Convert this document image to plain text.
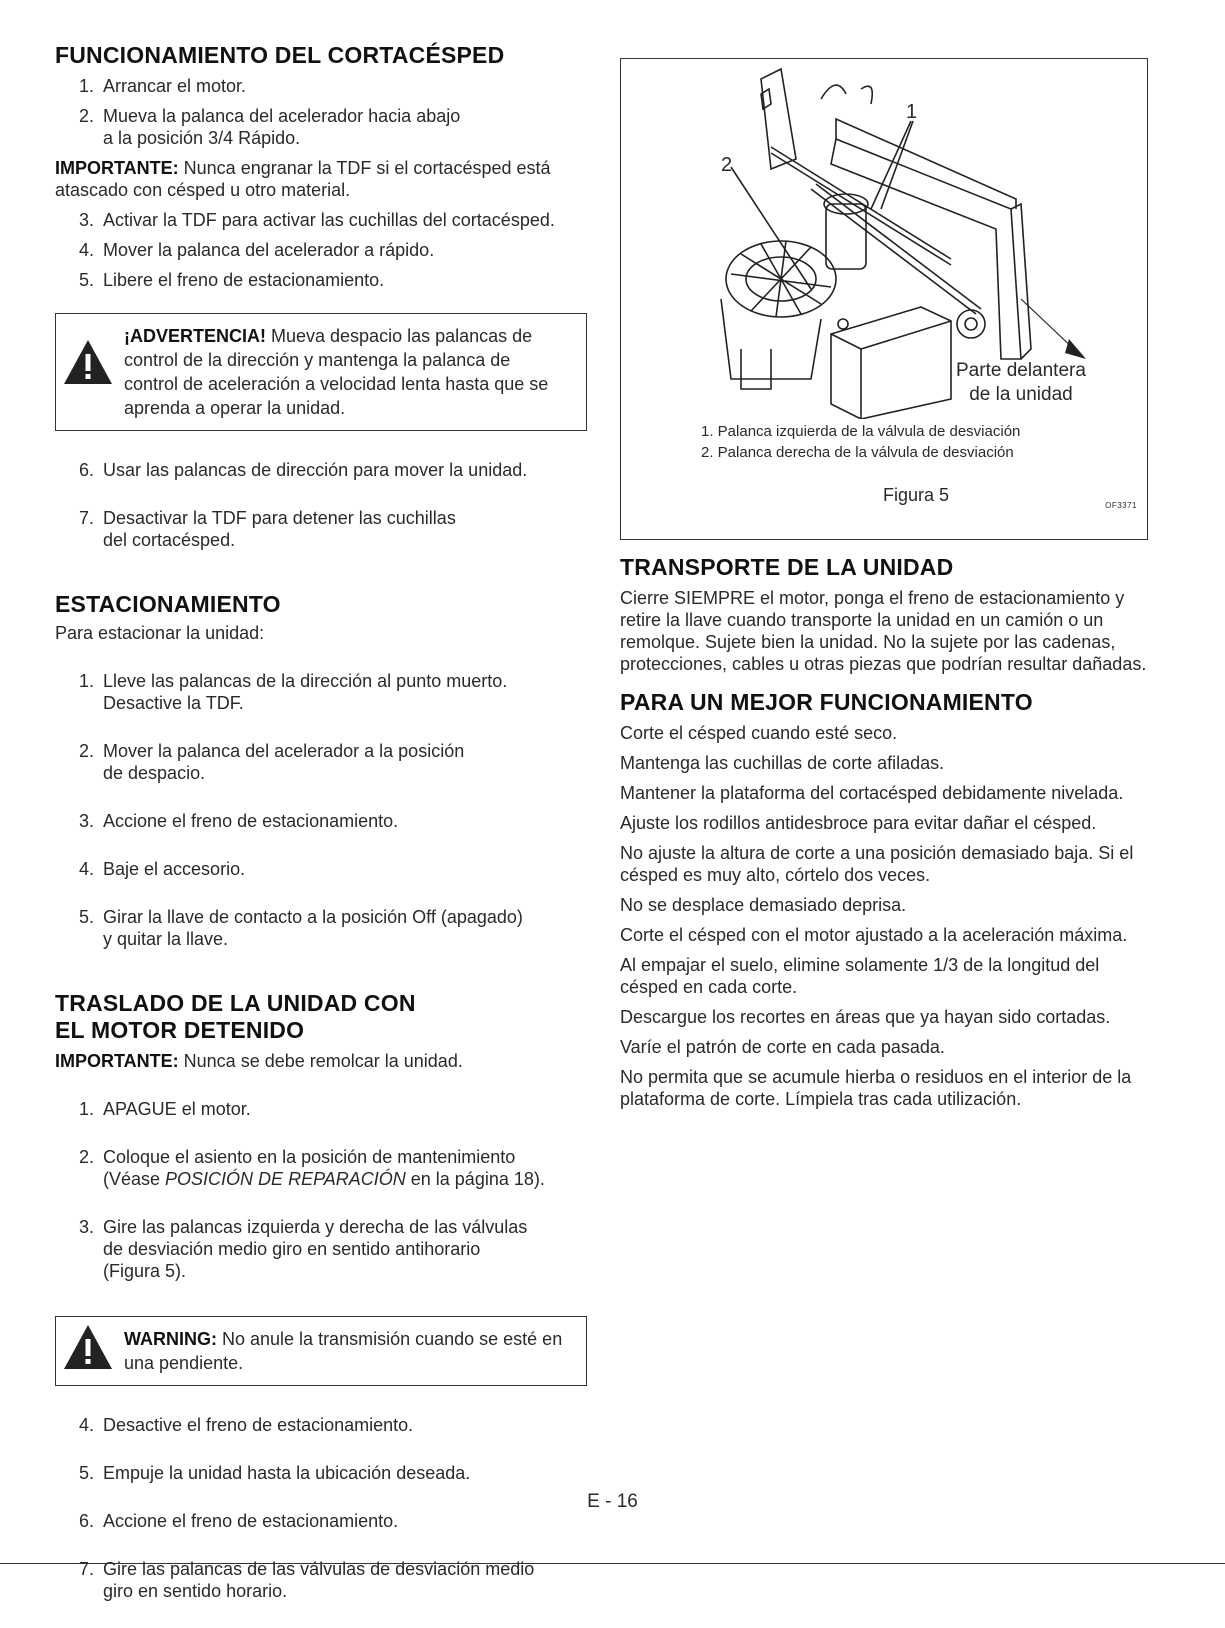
FUNCIONAMIENTO DEL CORTACÉSPED
1. Arrancar el motor.
2. Mueva la palanca del acelerador hacia abajo
a la posición 3/4 Rápido.

IMPORTANTE: Nunca engranar la TDF si el cortacésped está atascado con césped u otro material.

3. Activar la TDF para activar las cuchillas del cortacésped.
4. Mover la palanca del acelerador a rápido.
5. Libere el freno de estacionamiento.
¡ADVERTENCIA! Mueva despacio las palancas de control de la dirección y mantenga la palanca de control de aceleración a velocidad lenta hasta que se aprenda a operar la unidad.

6. Usar las palancas de dirección para mover la unidad.

7. Desactivar la TDF para detener las cuchillas
del cortacésped.

ESTACIONAMIENTO

Para estacionar la unidad:

1. Lleve las palancas de la dirección al punto muerto.
Desactive la TDF.

2. Mover la palanca del acelerador a la posición
de despacio.

3. Accione el freno de estacionamiento.

4. Baje el accesorio.

5. Girar la llave de contacto a la posición Off (apagado)
y quitar la llave.

TRASLADO DE LA UNIDAD CON
EL MOTOR DETENIDO

IMPORTANTE: Nunca se debe remolcar la unidad.

1. APAGUE el motor.

2. Coloque el asiento en la posición de mantenimiento
(Véase POSICIÓN DE REPARACIÓN en la página 18).

3. Gire las palancas izquierda y derecha de las válvulas
de desviación medio giro en sentido antihorario
(Figura 5).

WARNING: No anule la transmisión cuando se esté en una pendiente.

4. Desactive el freno de estacionamiento.

5. Empuje la unidad hasta la ubicación deseada.

6. Accione el freno de estacionamiento.

7. Gire las palancas de las válvulas de desviación medio
giro en sentido horario.

1
2
Parte delantera
de la unidad
1. Palanca izquierda de la válvula de desviación
2. Palanca derecha de la válvula de desviación
Figura 5
OF3371
TRANSPORTE DE LA UNIDAD

Cierre SIEMPRE el motor, ponga el freno de estacionamiento y retire la llave cuando transporte la unidad en un camión o un remolque. Sujete bien la unidad. No la sujete por las cadenas, protecciones, cables u otras piezas que podrían resultar dañadas.

PARA UN MEJOR FUNCIONAMIENTO

Corte el césped cuando esté seco.

Mantenga las cuchillas de corte afiladas.

Mantener la plataforma del cortacésped debidamente nivelada.

Ajuste los rodillos antidesbroce para evitar dañar el césped.

No ajuste la altura de corte a una posición demasiado baja. Si el césped es muy alto, córtelo dos veces.

No se desplace demasiado deprisa.

Corte el césped con el motor ajustado a la aceleración máxima.

Al empajar el suelo, elimine solamente 1/3 de la longitud del césped en cada corte.

Descargue los recortes en áreas que ya hayan sido cortadas.

Varíe el patrón de corte en cada pasada.

No permita que se acumule hierba o residuos en el interior de la plataforma de corte. Límpiela tras cada utilización.

E - 16
